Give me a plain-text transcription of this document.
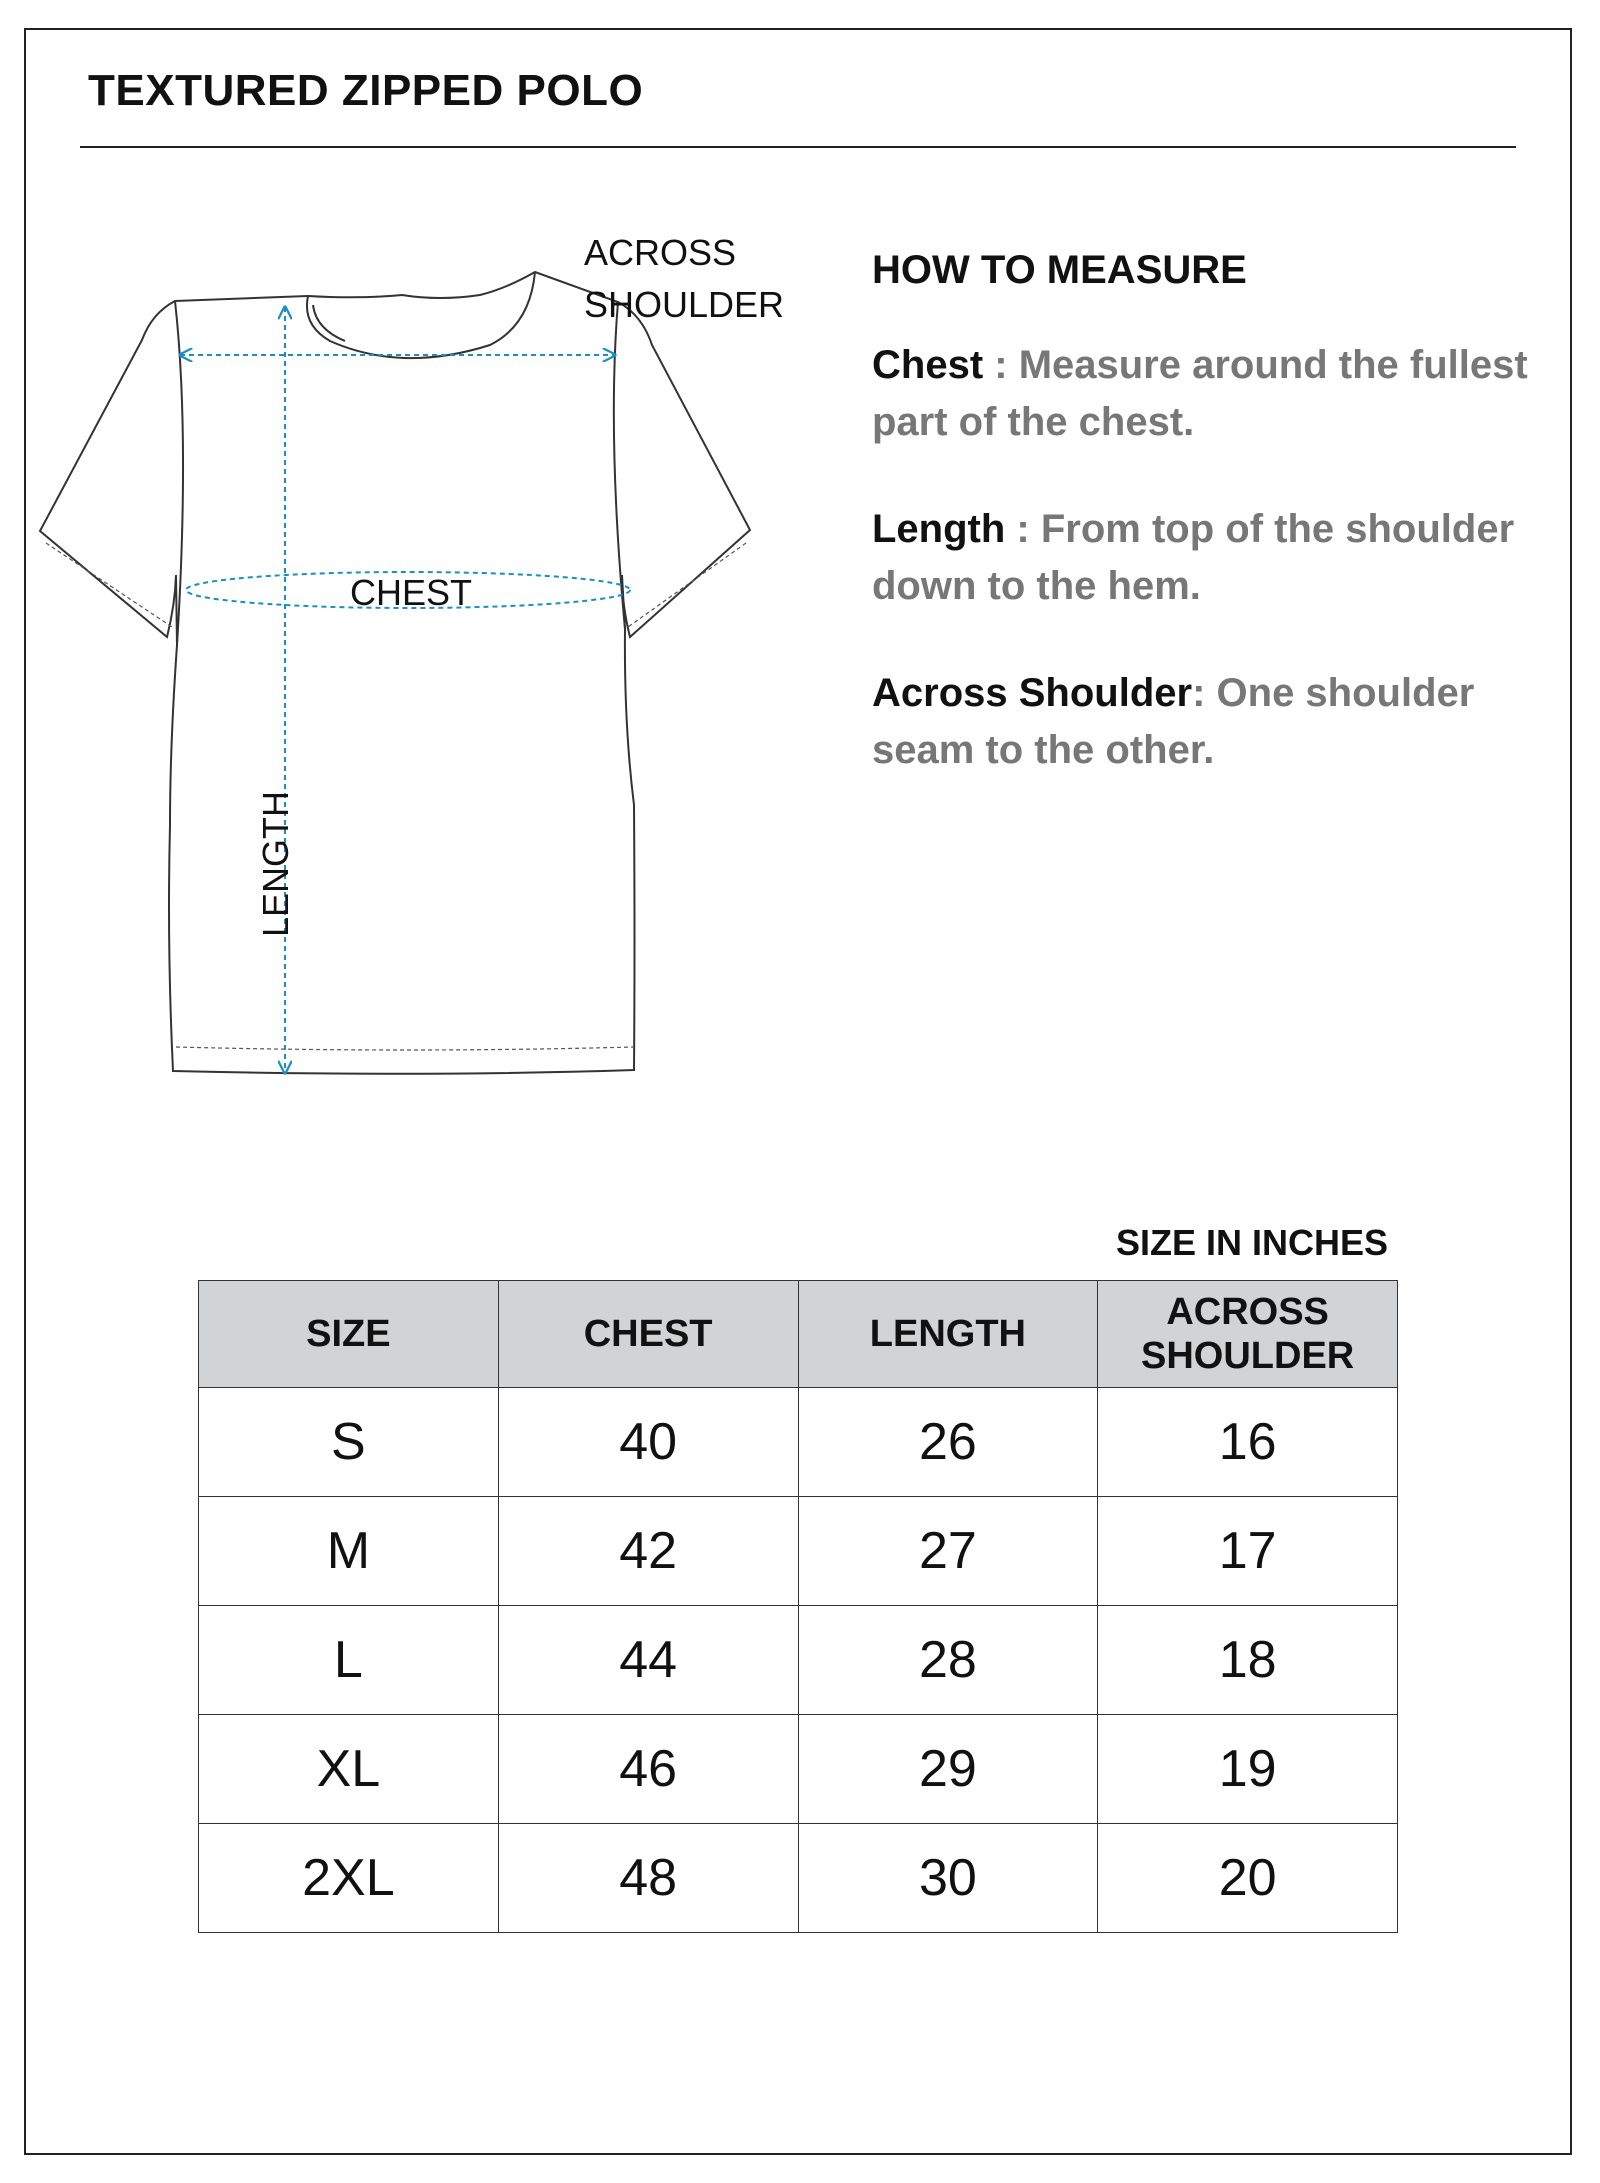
TEXTURED ZIPPED POLO
ACROSS SHOULDER
CHEST
LENGTH
HOW TO MEASURE

Chest : Measure around the fullest part of the chest.

Length : From top of the shoulder down to the hem.

Across Shoulder: One shoulder seam to the other.

SIZE IN INCHES

SIZE	CHEST	LENGTH	ACROSS
SHOULDER
S	40	26	16
M	42	27	17
L	44	28	18
XL	46	29	19
2XL	48	30	20
